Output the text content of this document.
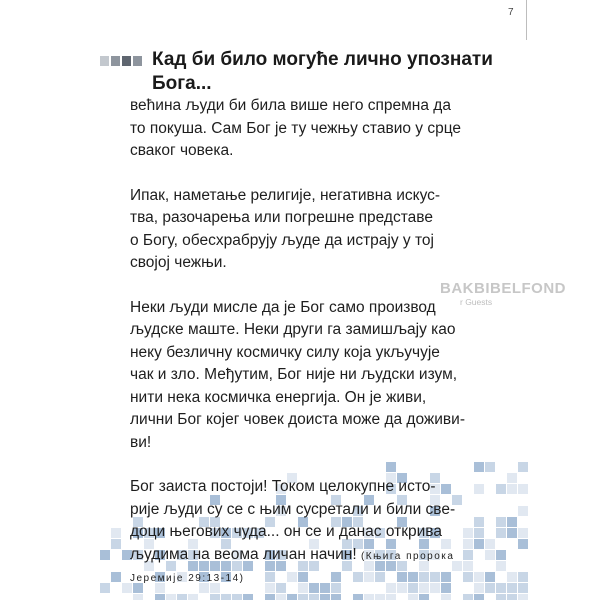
7
Кад би било могуће лично упознати
Бога...

већина људи би била више него спремна да
то покуша. Сам Бог је ту чежњу ставио у срце
сваког човека.

Ипак, наметање религије, негативна искус-
тва, разочарења или погрешне представе
о Богу, обесхрабрују људе да истрају у тој
својој чежњи.

Неки људи мисле да је Бог само производ
људске маште. Неки други га замишљају као
неку безличну космичку силу која укључује
чак и зло. Међутим, Бог није ни људски изум,
нити нека космичка енергија. Он је живи,
лични Бог којег човек доиста може да доживи-
ви!

Бог заиста постоји! Током целокупне исто-
рије људи су се с њим сусретали и били све-
доци његових чуда... он се и данас открива
људима на веома личан начин! (Књига пророка
Јеремије 29:13-14)

BAKBIBELFOND
r Guests
